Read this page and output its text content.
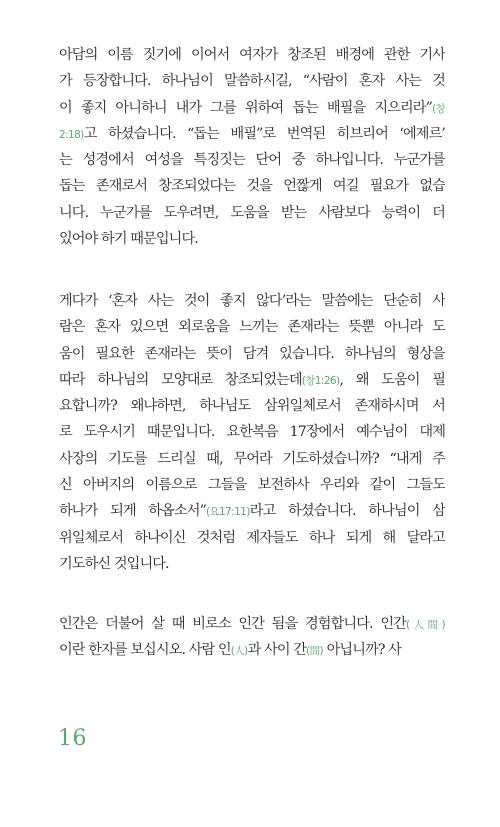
아담의 이름 짓기에 이어서 여자가 창조된 배경에 관한 기사
가 등장합니다. 하나님이 말씀하시길, “사람이 혼자 사는 것
이 좋지 아니하니 내가 그를 위하여 돕는 배필을 지으리라”(창
2:18)고 하셨습니다. “돕는 배필”로 번역된 히브리어 ‘에제르’
는 성경에서 여성을 특징짓는 단어 중 하나입니다. 누군가를
돕는 존재로서 창조되었다는 것을 언짢게 여길 필요가 없습
니다. 누군가를 도우려면, 도움을 받는 사람보다 능력이 더
있어야 하기 때문입니다.
게다가 ‘혼자 사는 것이 좋지 않다’라는 말씀에는 단순히 사
람은 혼자 있으면 외로움을 느끼는 존재라는 뜻뿐 아니라 도
움이 필요한 존재라는 뜻이 담겨 있습니다. 하나님의 형상을
따라 하나님의 모양대로 창조되었는데(창1:26), 왜 도움이 필
요합니까? 왜냐하면, 하나님도 삼위일체로서 존재하시며 서
로 도우시기 때문입니다. 요한복음 17장에서 예수님이 대제
사장의 기도를 드리실 때, 무어라 기도하셨습니까? “내게 주
신 아버지의 이름으로 그들을 보전하사 우리와 같이 그들도
하나가 되게 하옵소서”(요17:11)라고 하셨습니다. 하나님이 삼
위일체로서 하나이신 것처럼 제자들도 하나 되게 해 달라고
기도하신 것입니다.
인간은 더불어 살 때 비로소 인간 됨을 경험합니다. 인간(人間)
이란 한자를 보십시오. 사람 인(人)과 사이 간(間) 아닙니까? 사
16
